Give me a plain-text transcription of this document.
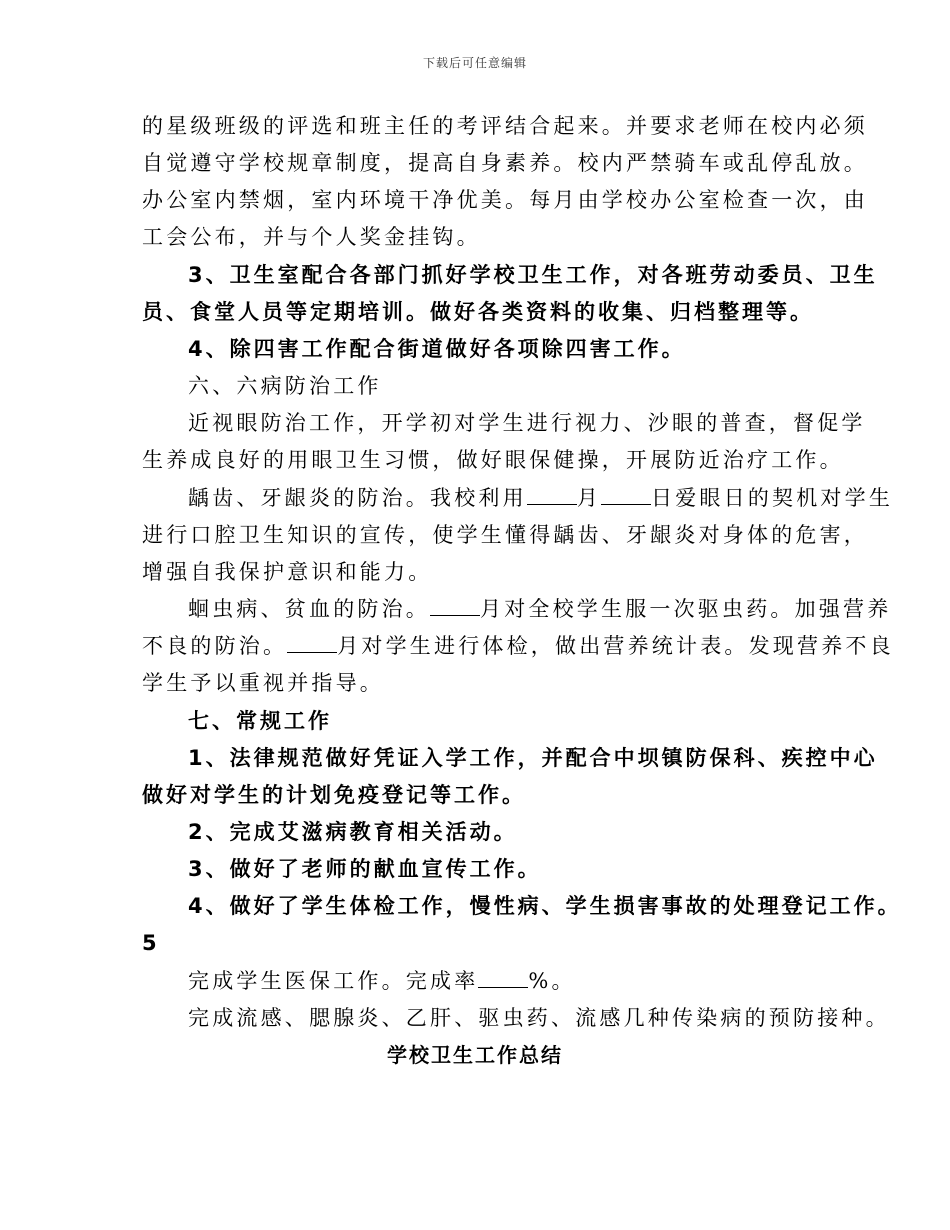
下载后可任意编辑
的星级班级的评选和班主任的考评结合起来。并要求老师在校内必须
自觉遵守学校规章制度，提高自身素养。校内严禁骑车或乱停乱放。
办公室内禁烟，室内环境干净优美。每月由学校办公室检查一次，由
工会公布，并与个人奖金挂钩。
3、卫生室配合各部门抓好学校卫生工作，对各班劳动委员、卫生
员、食堂人员等定期培训。做好各类资料的收集、归档整理等。
4、除四害工作配合街道做好各项除四害工作。
六、六病防治工作
近视眼防治工作，开学初对学生进行视力、沙眼的普查，督促学
生养成良好的用眼卫生习惯，做好眼保健操，开展防近治疗工作。
龋齿、牙龈炎的防治。我校利用 月 日爱眼日的契机对学生
进行口腔卫生知识的宣传，使学生懂得龋齿、牙龈炎对身体的危害，
增强自我保护意识和能力。
蛔虫病、贫血的防治。 月对全校学生服一次驱虫药。加强营养
不良的防治。 月对学生进行体检，做出营养统计表。发现营养不良
学生予以重视并指导。
七、常规工作
1、法律规范做好凭证入学工作，并配合中坝镇防保科、疾控中心
做好对学生的计划免疫登记等工作。
2、完成艾滋病教育相关活动。
3、做好了老师的献血宣传工作。
4、做好了学生体检工作，慢性病、学生损害事故的处理登记工作。
5
完成学生医保工作。完成率 %。
完成流感、腮腺炎、乙肝、驱虫药、流感几种传染病的预防接种。
学校卫生工作总结
